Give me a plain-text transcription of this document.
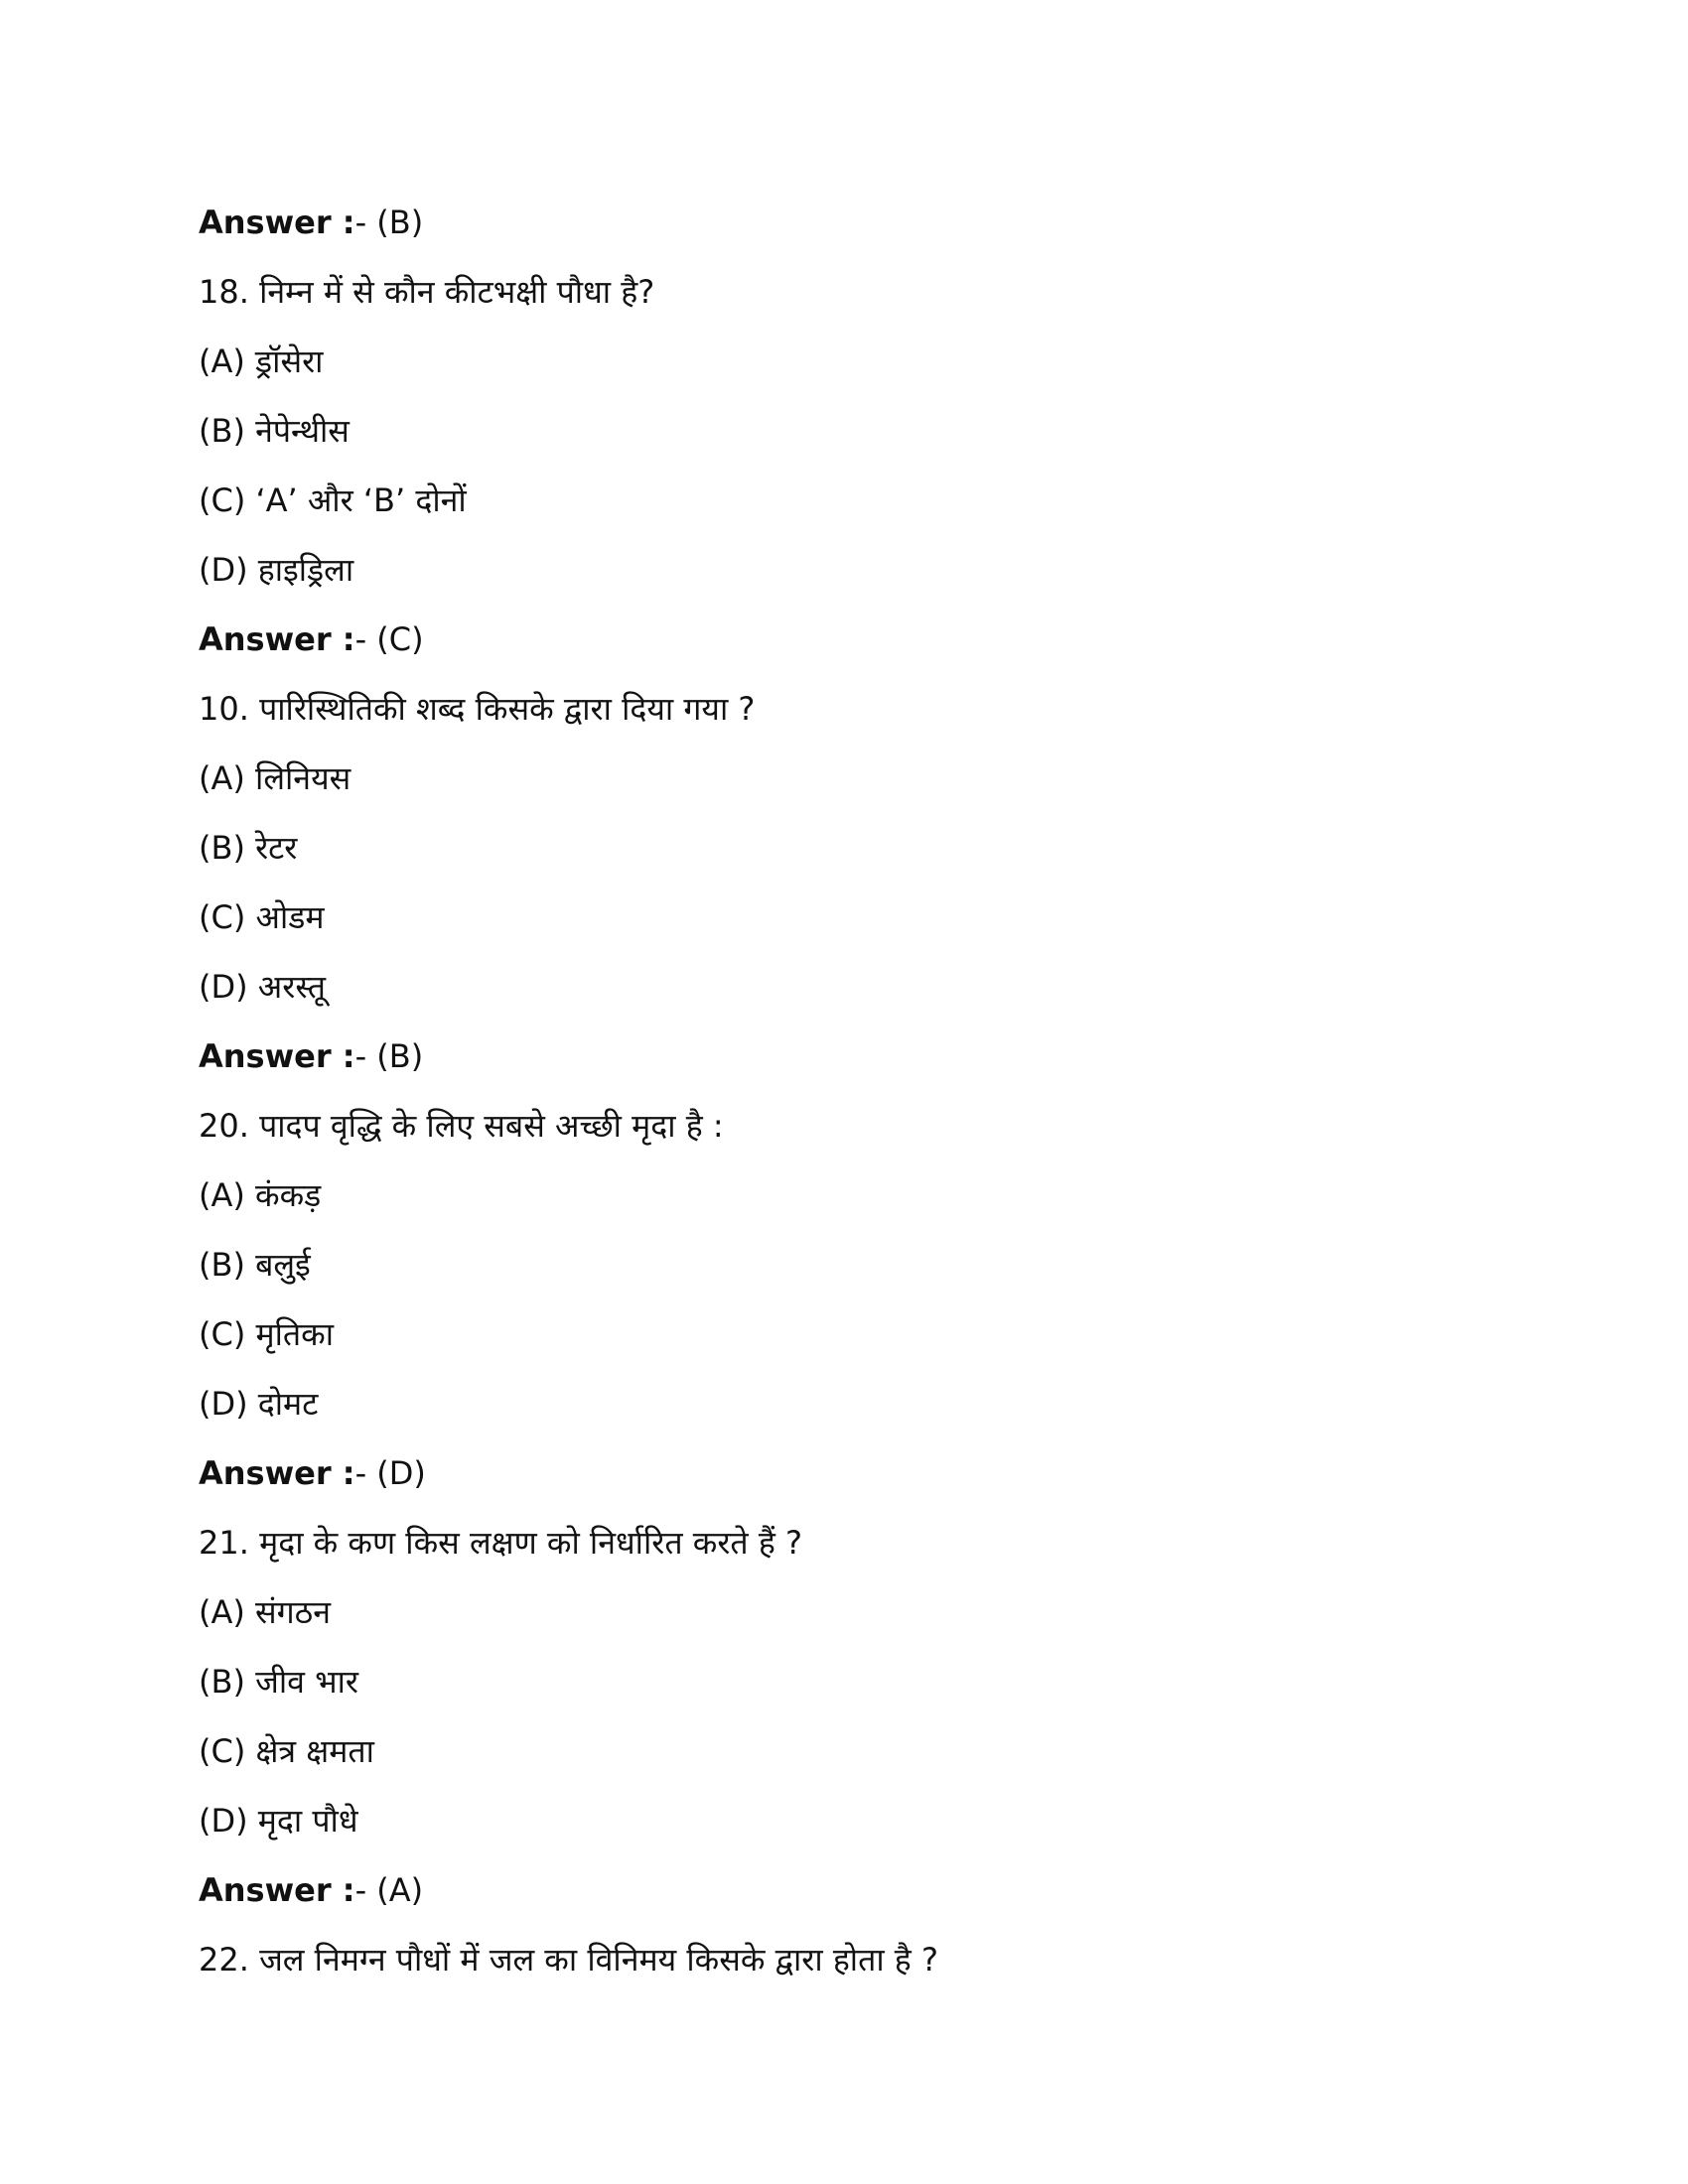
Answer :- (B)
18. निम्न में से कौन कीटभक्षी पौधा है?
(A) ड्रॉसेरा
(B) नेपेन्थीस
(C) ‘A’ और ‘B’ दोनों
(D) हाइड्रिला
Answer :- (C)
10. पारिस्थितिकी शब्द किसके द्वारा दिया गया ?
(A) लिनियस
(B) रेटर
(C) ओडम
(D) अरस्तू
Answer :- (B)
20. पादप वृद्धि के लिए सबसे अच्छी मृदा है :
(A) कंकड़
(B) बलुई
(C) मृतिका
(D) दोमट
Answer :- (D)
21. मृदा के कण किस लक्षण को निर्धारित करते हैं ?
(A) संगठन
(B) जीव भार
(C) क्षेत्र क्षमता
(D) मृदा पौधे
Answer :- (A)
22. जल निमग्न पौधों में जल का विनिमय किसके द्वारा होता है ?
